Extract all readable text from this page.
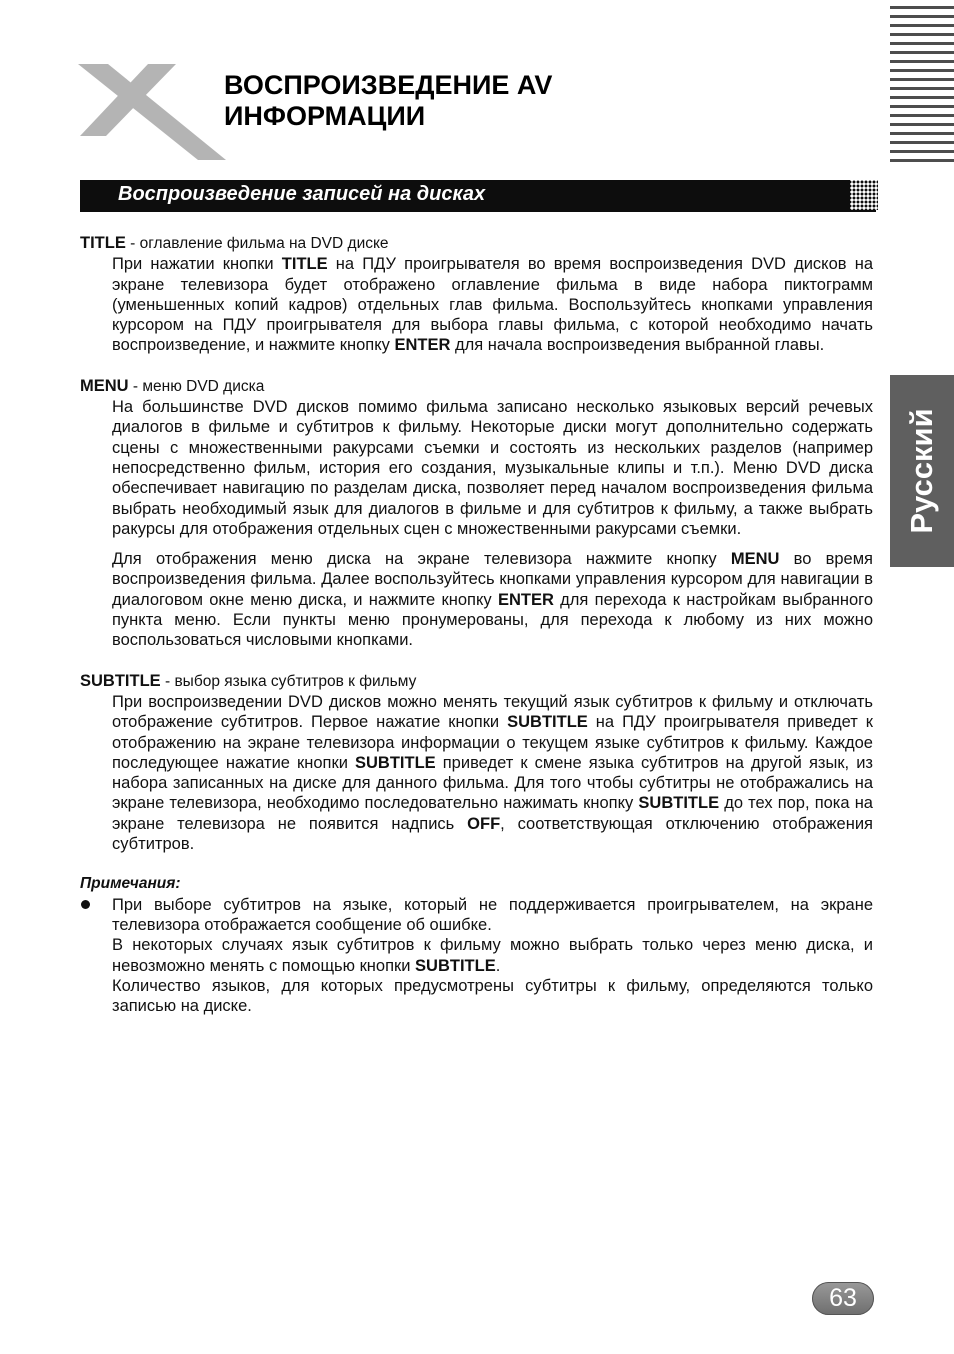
ВОСПРОИЗВЕДЕНИЕ AV
ИНФОРМАЦИИ
Воспроизведение записей на дисках

TITLE - оглавление фильма на DVD диске

При нажатии кнопки TITLE на ПДУ проигрывателя во время воспроизведения DVD дисков на экране телевизора будет отображено оглавление фильма в виде набора пиктограмм (уменьшенных копий кадров) отдельных глав фильма. Воспользуйтесь кнопками управления курсором на ПДУ проигрывателя для выбора главы фильма, с которой необходимо начать воспроизведение, и нажмите кнопку ENTER для начала воспроизведения выбранной главы.

MENU - меню DVD диска

На большинстве DVD дисков помимо фильма записано несколько языковых версий речевых диалогов в фильме и субтитров к фильму. Некоторые диски могут дополнительно содержать сцены с множественными ракурсами съемки и состоять из нескольких разделов (например непосредственно фильм, история его создания, музыкальные клипы и т.п.). Меню DVD диска обеспечивает навигацию по разделам диска, позволяет перед началом воспроизведения фильма выбрать необходимый язык для диалогов в фильме и для субтитров к фильму, а также выбрать ракурсы для отображения отдельных сцен с множественными ракурсами съемки.

Для отображения меню диска на экране телевизора нажмите кнопку MENU во время воспроизведения фильма. Далее воспользуйтесь кнопками управления курсором для навигации в диалоговом окне меню диска, и нажмите кнопку ENTER для перехода к настройкам выбранного пункта меню. Если пункты меню пронумерованы, для перехода к любому из них можно воспользоваться числовыми кнопками.

SUBTITLE - выбор языка субтитров к фильму

При воспроизведении DVD дисков можно менять текущий язык субтитров к фильму и отключать отображение субтитров. Первое нажатие кнопки SUBTITLE на ПДУ проигрывателя приведет к отображению на экране телевизора информации о текущем языке субтитров к фильму. Каждое последующее нажатие кнопки SUBTITLE приведет к смене языка субтитров на другой язык, из набора записанных на диске для данного фильма. Для того чтобы субтитры не отображались на экране телевизора, необходимо последовательно нажимать кнопку SUBTITLE до тех пор, пока на экране телевизора не появится надпись OFF, соответствующая отключению отображения субтитров.

Примечания:

При выборе субтитров на языке, который не поддерживается проигрывателем, на экране телевизора отображается сообщение об ошибке.

В некоторых случаях язык субтитров к фильму можно выбрать только через меню диска, и невозможно менять с помощью кнопки SUBTITLE.

Количество языков, для которых предусмотрены субтитры к фильму, определяются только записью на диске.

Русский
63
